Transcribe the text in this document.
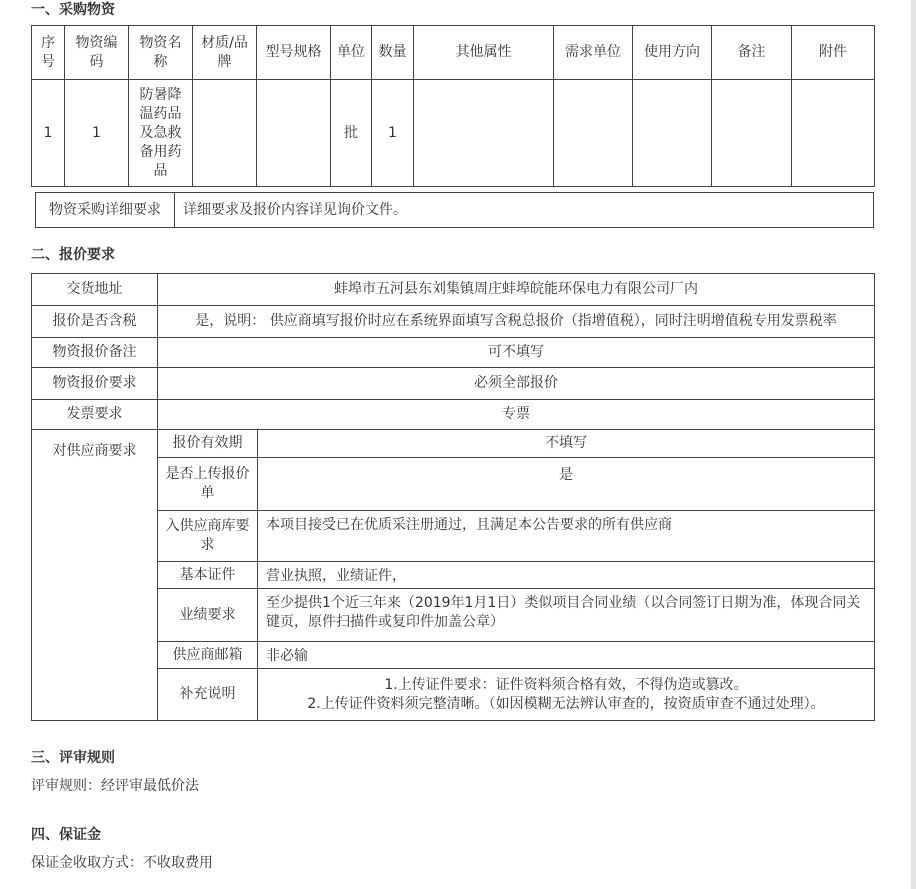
一、采购物资
序号	物资编码	物资名称	材质/品牌	型号规格	单位	数量	其他属性	需求单位	使用方向	备注	附件
1	1	防暑降温药品及急救备用药品			批	1					
物资采购详细要求	详细要求及报价内容详见询价文件。
二、报价要求
交货地址	蚌埠市五河县东刘集镇周庄蚌埠皖能环保电力有限公司厂内	
报价是否含税	是，说明： 供应商填写报价时应在系统界面填写含税总报价（指增值税），同时注明增值税专用发票税率	
物资报价备注	可不填写	
物资报价要求	必须全部报价	
发票要求	专票	
对供应商要求	报价有效期	不填写
	是否上传报价单	是
	入供应商库要求	本项目接受已在优质采注册通过，且满足本公告要求的所有供应商
	基本证件	营业执照，业绩证件，
	业绩要求	至少提供1个近三年来（2019年1月1日）类似项目合同业绩（以合同签订日期为准，体现合同关键页，原件扫描件或复印件加盖公章）
	供应商邮箱	非必输
	补充说明	1.上传证件要求：证件资料须合格有效，不得伪造或篡改。
2.上传证件资料须完整清晰。（如因模糊无法辨认审查的，按资质审查不通过处理）。
三、评审规则
评审规则：经评审最低价法
四、保证金
保证金收取方式：不收取费用
